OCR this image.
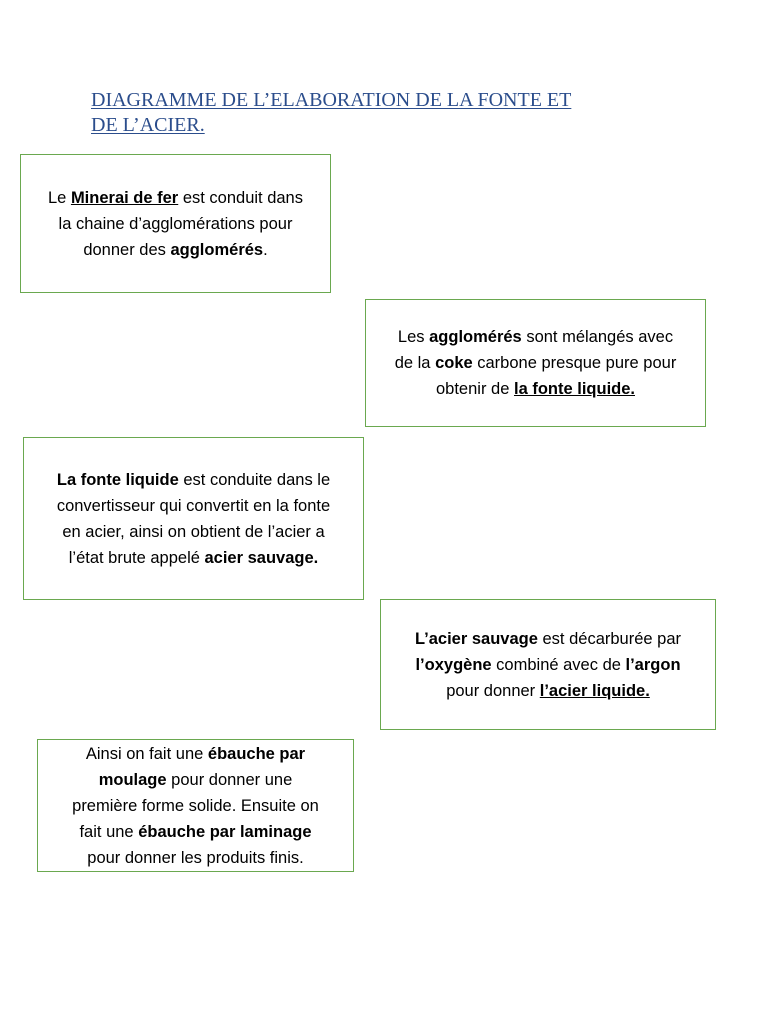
DIAGRAMME DE L’ELABORATION DE LA FONTE ET
DE L’ACIER.
Le Minerai de fer est conduit dans
la chaine d’agglomérations pour
donner des agglomérés.
Les agglomérés sont mélangés avec
de la coke carbone presque pure pour
obtenir de la fonte liquide.
La fonte liquide est conduite dans le
convertisseur qui convertit en la fonte
en acier, ainsi on obtient de l’acier a
l’état brute appelé acier sauvage.
L’acier sauvage est décarburée par
l’oxygène combiné avec de l’argon
pour donner l’acier liquide.
Ainsi on fait une ébauche par
moulage pour donner une
première forme solide. Ensuite on
fait une ébauche par laminage
pour donner les produits finis.
